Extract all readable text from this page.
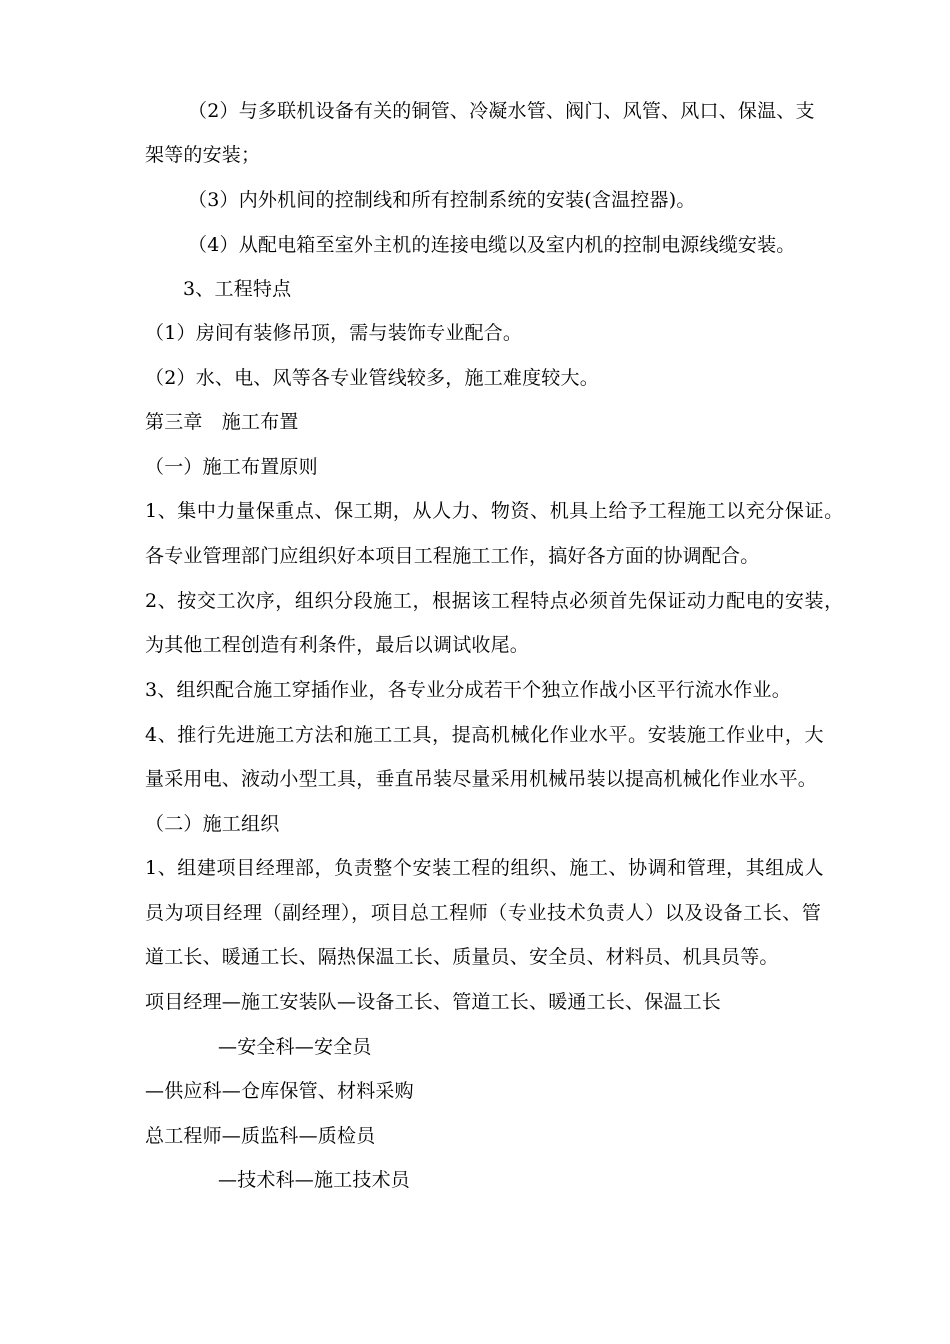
（2）与多联机设备有关的铜管、冷凝水管、阀门、风管、风口、保温、支
架等的安装；
（3）内外机间的控制线和所有控制系统的安装(含温控器)。
（4）从配电箱至室外主机的连接电缆以及室内机的控制电源线缆安装。
3、工程特点
（1）房间有装修吊顶，需与装饰专业配合。
（2）水、电、风等各专业管线较多，施工难度较大。
第三章　施工布置
（一）施工布置原则
1、集中力量保重点、保工期，从人力、物资、机具上给予工程施工以充分保证。
各专业管理部门应组织好本项目工程施工工作，搞好各方面的协调配合。
2、按交工次序，组织分段施工，根据该工程特点必须首先保证动力配电的安装，
为其他工程创造有利条件，最后以调试收尾。
3、组织配合施工穿插作业，各专业分成若干个独立作战小区平行流水作业。
4、推行先进施工方法和施工工具，提高机械化作业水平。安装施工作业中，大
量采用电、液动小型工具，垂直吊装尽量采用机械吊装以提高机械化作业水平。
（二）施工组织
1、组建项目经理部，负责整个安装工程的组织、施工、协调和管理，其组成人
员为项目经理（副经理），项目总工程师（专业技术负责人）以及设备工长、管
道工长、暖通工长、隔热保温工长、质量员、安全员、材料员、机具员等。
项目经理—施工安装队—设备工长、管道工长、暖通工长、保温工长
—安全科—安全员
—供应科—仓库保管、材料采购
总工程师—质监科—质检员
—技术科—施工技术员
